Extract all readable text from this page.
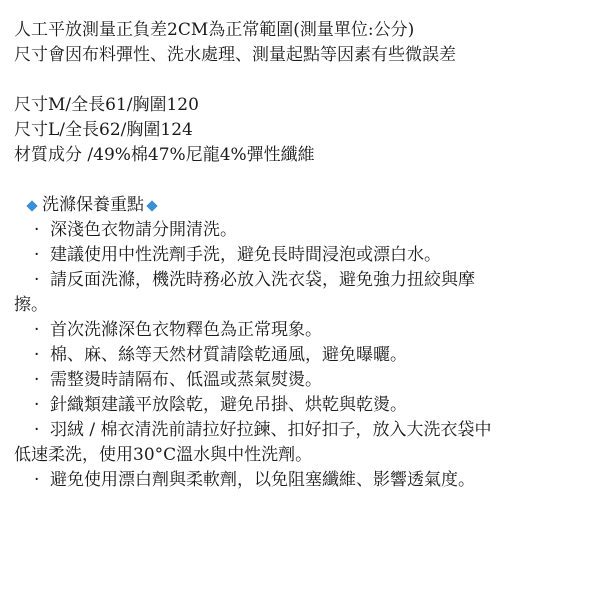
人工平放測量正負差2CM為正常範圍(測量單位:公分)
尺寸會因布料彈性、洗水處理、測量起點等因素有些微誤差
尺寸M/全長61/胸圍120
尺寸L/全長62/胸圍124
材質成分 /49%棉47%尼龍4%彈性纖維
洗滌保養重點
· 深淺色衣物請分開清洗。
· 建議使用中性洗劑手洗，避免長時間浸泡或漂白水。
· 請反面洗滌，機洗時務必放入洗衣袋，避免強力扭絞與摩
擦。
· 首次洗滌深色衣物釋色為正常現象。
· 棉、麻、絲等天然材質請陰乾通風，避免曝曬。
· 需整燙時請隔布、低溫或蒸氣熨燙。
· 針織類建議平放陰乾，避免吊掛、烘乾與乾燙。
· 羽絨 / 棉衣清洗前請拉好拉鍊、扣好扣子，放入大洗衣袋中
低速柔洗，使用30°C溫水與中性洗劑。
· 避免使用漂白劑與柔軟劑，以免阻塞纖維、影響透氣度。
